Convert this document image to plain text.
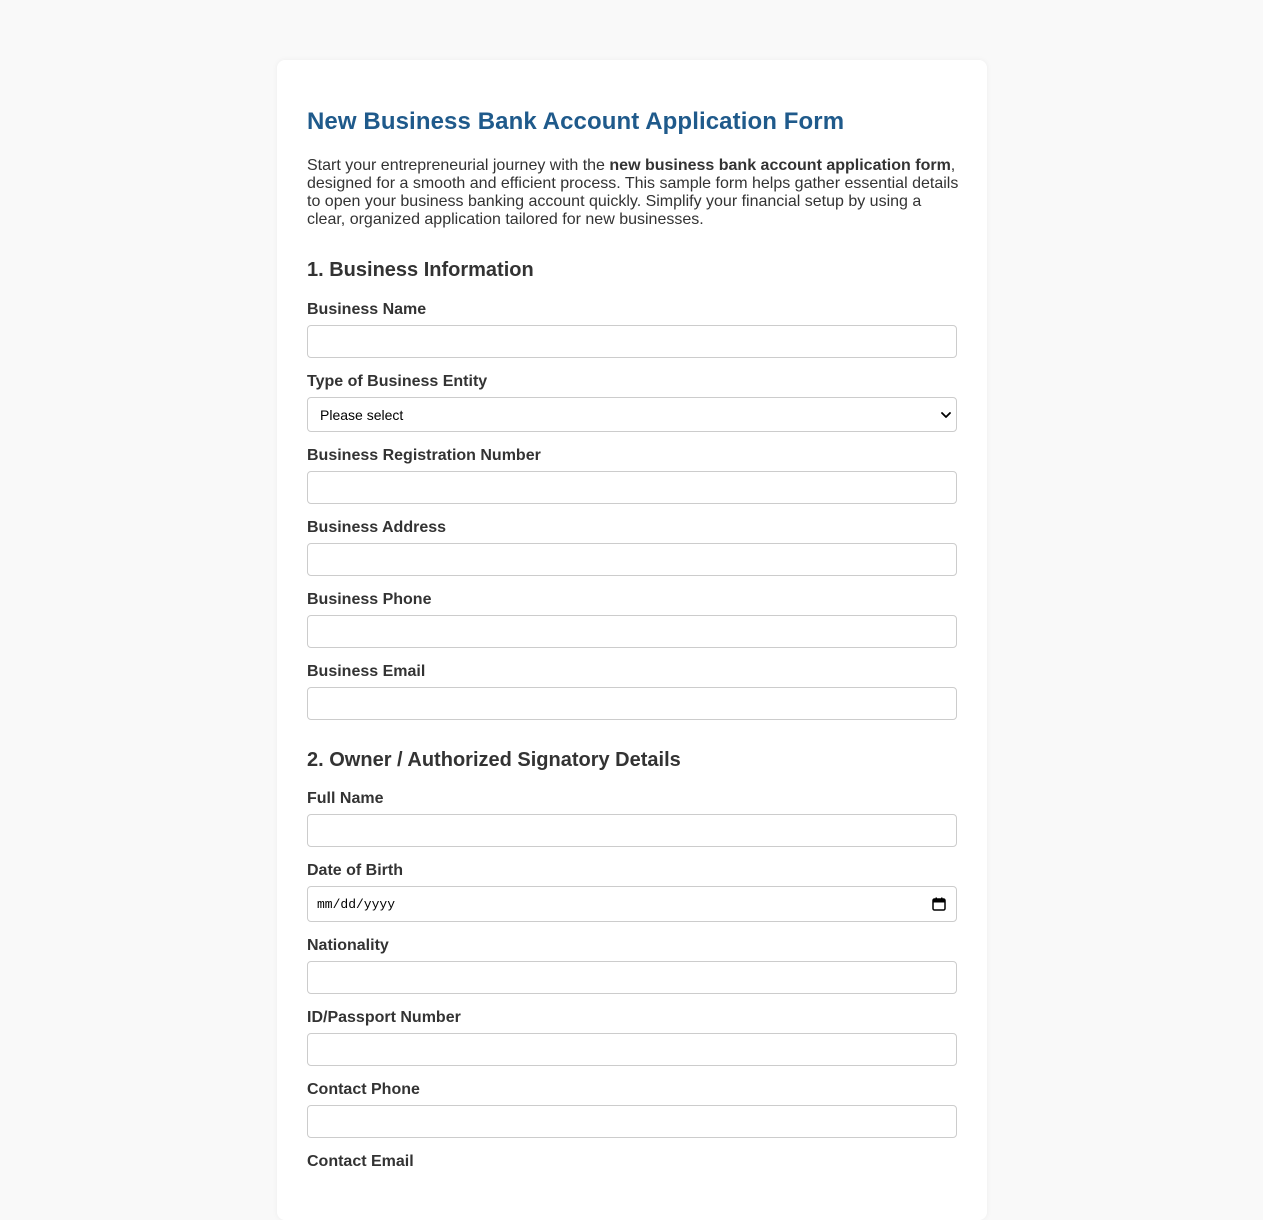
New Business Bank Account Application Form

Start your entrepreneurial journey with the new business bank account application form, designed for a smooth and efficient process. This sample form helps gather essential details to open your business banking account quickly. Simplify your financial setup by using a clear, organized application tailored for new businesses.

1. Business Information
Business Name
Type of Business Entity
Please select
Business Registration Number
Business Address
Business Phone
Business Email
2. Owner / Authorized Signatory Details
Full Name
Date of Birth
mm/dd/yyyy
Nationality
ID/Passport Number
Contact Phone
Contact Email
